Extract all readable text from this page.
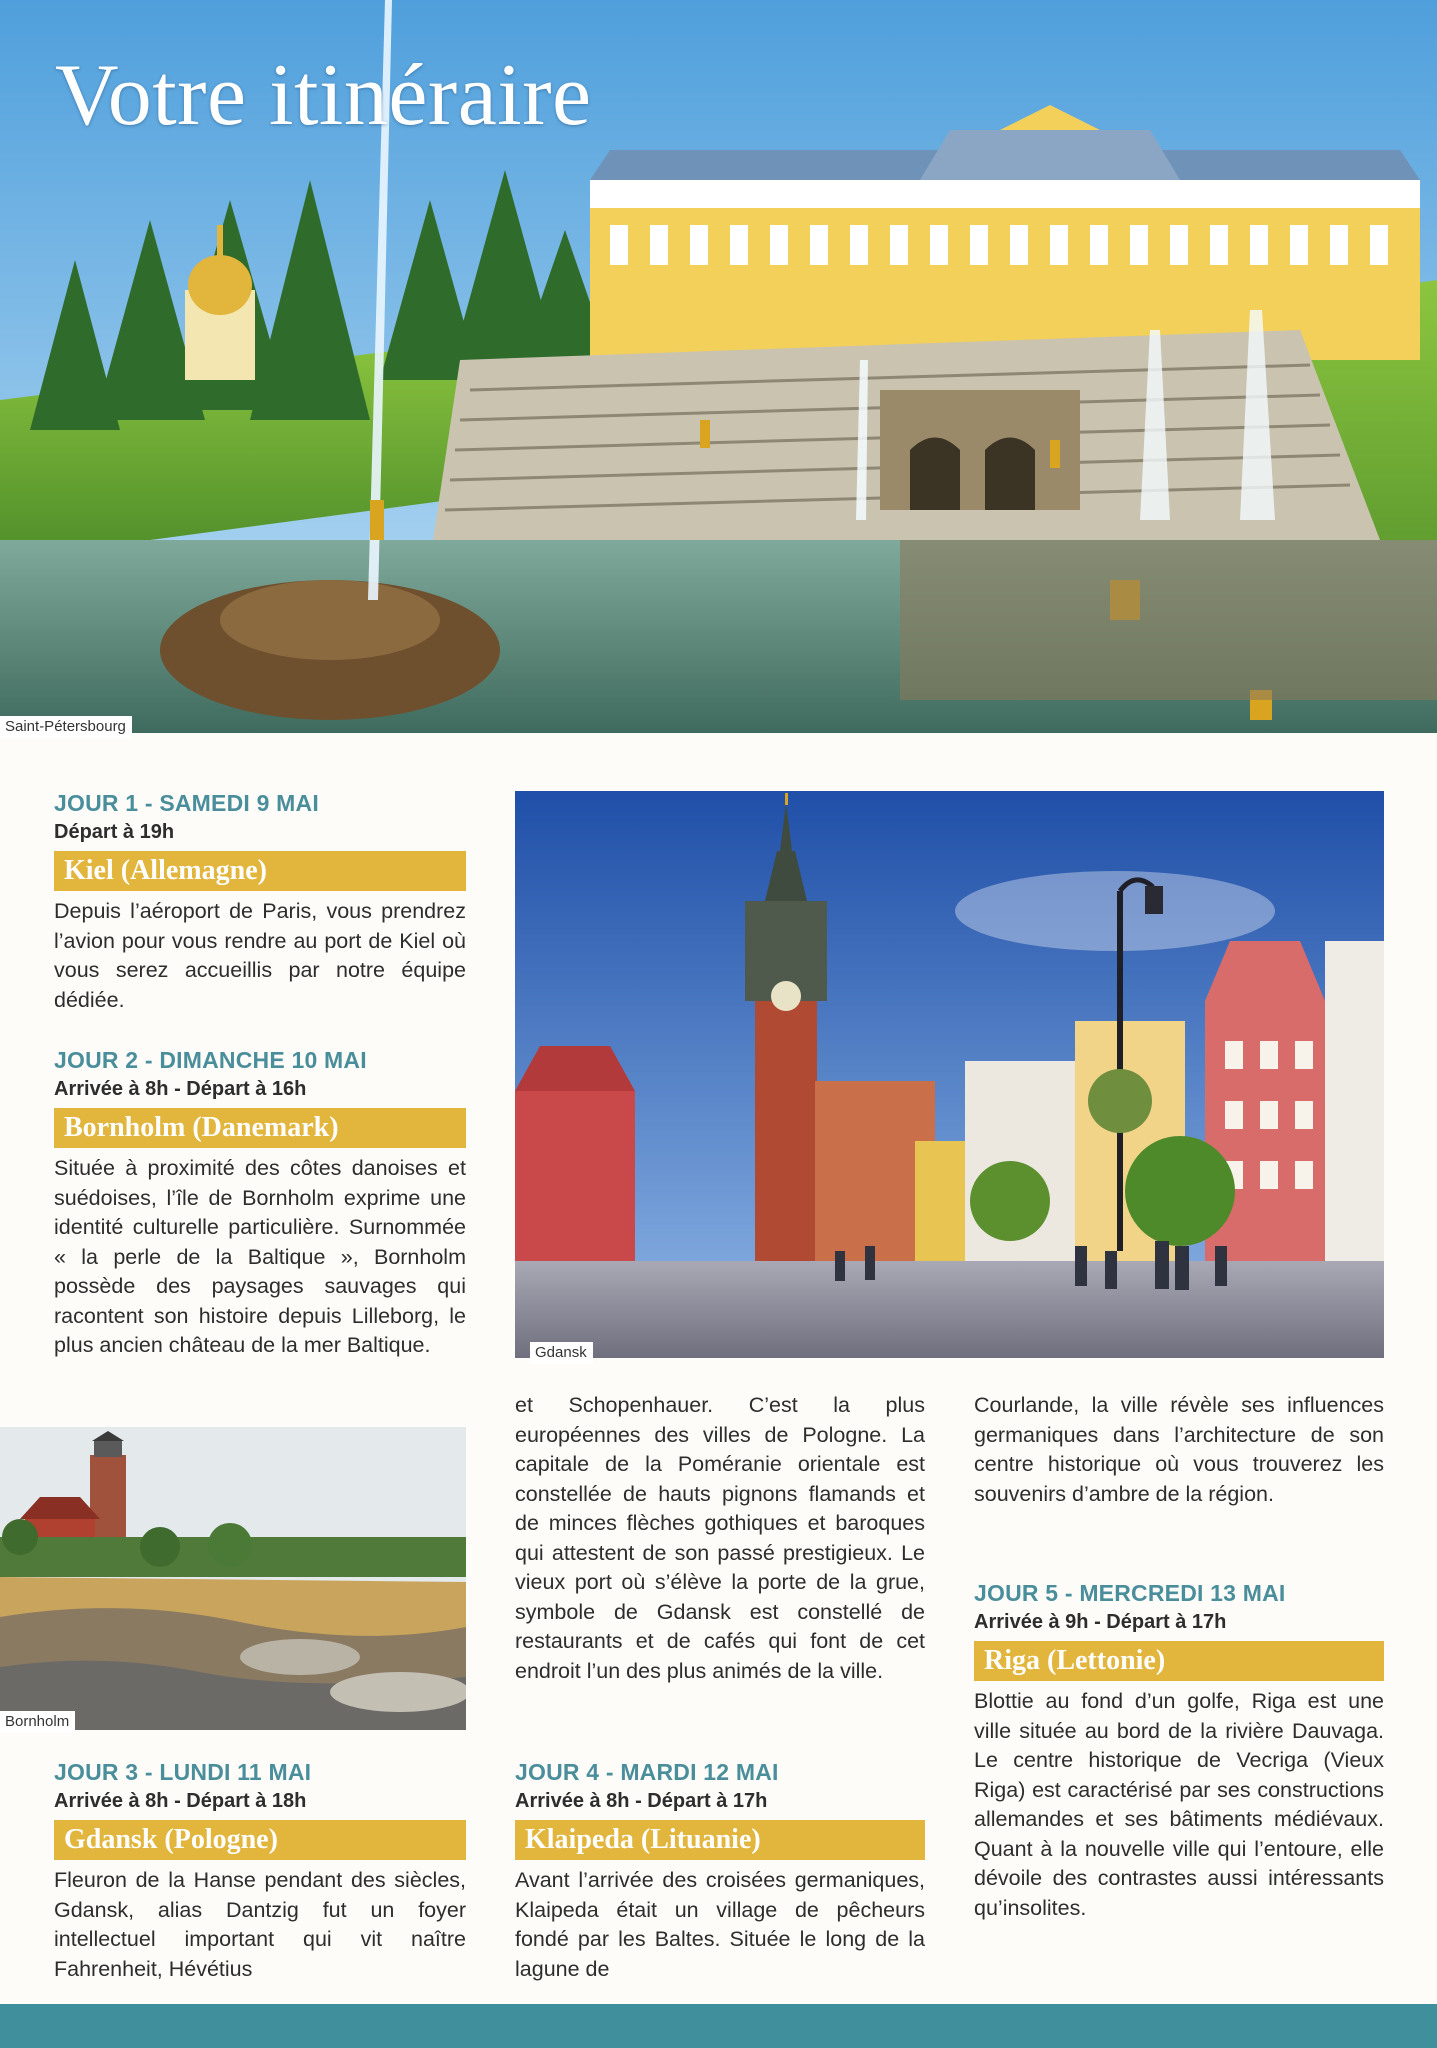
Votre itinéraire
Saint-Pétersbourg
Gdansk
Bornholm
JOUR 1 - SAMEDI 9 MAI
Départ à 19h
Kiel (Allemagne)

Depuis l’aéroport de Paris, vous prendrez l’avion pour vous rendre au port de Kiel où vous serez accueillis par notre équipe dédiée.

JOUR 2 - DIMANCHE 10 MAI
Arrivée à 8h - Départ à 16h
Bornholm (Danemark)

Située à proximité des côtes danoises et suédoises, l’île de Bornholm exprime une identité culturelle particulière. Surnommée « la perle de la Baltique », Bornholm possède des paysages sauvages qui racontent son histoire depuis Lilleborg, le plus ancien château de la mer Baltique.

JOUR 3 - LUNDI 11 MAI
Arrivée à 8h - Départ à 18h
Gdansk (Pologne)

Fleuron de la Hanse pendant des siècles, Gdansk, alias Dantzig fut un foyer intellectuel important qui vit naître Fahrenheit, Hévétius

et Schopenhauer. C’est la plus européennes des villes de Pologne. La capitale de la Poméranie orientale est constellée de hauts pignons flamands et de minces flèches gothiques et baroques qui attestent de son passé prestigieux. Le vieux port où s’élève la porte de la grue, symbole de Gdansk est constellé de restaurants et de cafés qui font de cet endroit l’un des plus animés de la ville.

JOUR 4 - MARDI 12 MAI
Arrivée à 8h - Départ à 17h
Klaipeda (Lituanie)

Avant l’arrivée des croisées germaniques, Klaipeda était un village de pêcheurs fondé par les Baltes. Située le long de la lagune de

Courlande, la ville révèle ses influences germaniques dans l’architecture de son centre historique où vous trouverez les souvenirs d’ambre de la région.

JOUR 5 - MERCREDI 13 MAI
Arrivée à 9h - Départ à 17h
Riga (Lettonie)

Blottie au fond d’un golfe, Riga est une ville située au bord de la rivière Dauvaga. Le centre historique de Vecriga (Vieux Riga) est caractérisé par ses constructions allemandes et ses bâtiments médiévaux. Quant à la nouvelle ville qui l’entoure, elle dévoile des contrastes aussi intéressants qu’insolites.
